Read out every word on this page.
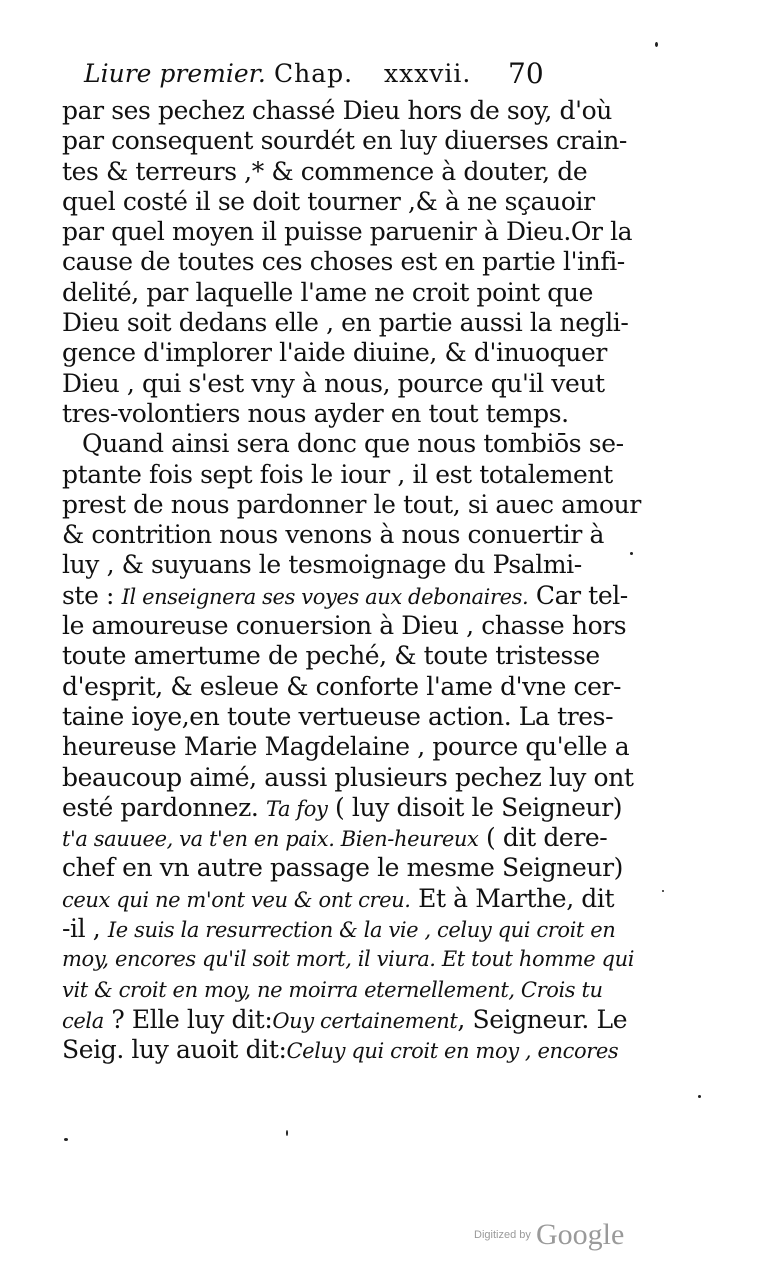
Liure premier. Chap. xxxvii. 70
par ses pechez chassé Dieu hors de soy, d'où
par consequent sourdét en luy diuerses crain-
tes & terreurs ,* & commence à douter, de
quel costé il se doit tourner ,& à ne sçauoir
par quel moyen il puisse paruenir à Dieu.Or la
cause de toutes ces choses est en partie l'infi-
delité, par laquelle l'ame ne croit point que
Dieu soit dedans elle , en partie aussi la negli-
gence d'implorer l'aide diuine, & d'inuoquer
Dieu , qui s'est vny à nous, pource qu'il veut
tres-volontiers nous ayder en tout temps.
Quand ainsi sera donc que nous tombiōs se-
ptante fois sept fois le iour , il est totalement
prest de nous pardonner le tout, si auec amour
& contrition nous venons à nous conuertir à
luy , & suyuans le tesmoignage du Psalmi-
ste : Il enseignera ses voyes aux debonaires. Car tel-
le amoureuse conuersion à Dieu , chasse hors
toute amertume de peché, & toute tristesse
d'esprit, & esleue & conforte l'ame d'vne cer-
taine ioye,en toute vertueuse action. La tres-
heureuse Marie Magdelaine , pource qu'elle a
beaucoup aimé, aussi plusieurs pechez luy ont
esté pardonnez. Ta foy ( luy disoit le Seigneur)
t'a sauuee, va t'en en paix. Bien-heureux ( dit dere-
chef en vn autre passage le mesme Seigneur)
ceux qui ne m'ont veu & ont creu. Et à Marthe, dit
-il , Ie suis la resurrection & la vie , celuy qui croit en
moy, encores qu'il soit mort, il viura. Et tout homme qui
vit & croit en moy, ne moirra eternellement, Crois tu
cela ? Elle luy dit:Ouy certainement, Seigneur. Le
Seig. luy auoit dit:Celuy qui croit en moy , encores
Digitized by Google
